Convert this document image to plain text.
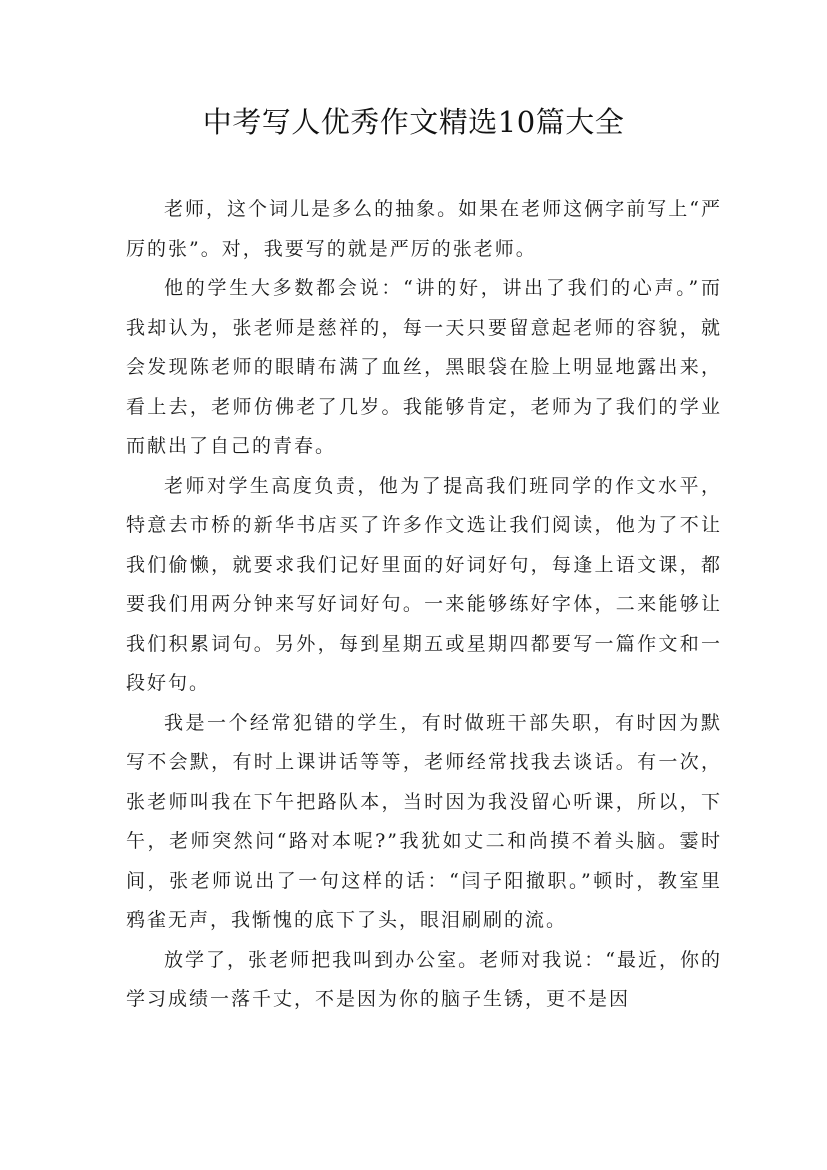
中考写人优秀作文精选10篇大全

老师，这个词儿是多么的抽象。如果在老师这俩字前写上“严厉的张”。对，我要写的就是严厉的张老师。

他的学生大多数都会说：“讲的好，讲出了我们的心声。”而我却认为，张老师是慈祥的，每一天只要留意起老师的容貌，就会发现陈老师的眼睛布满了血丝，黑眼袋在脸上明显地露出来，看上去，老师仿佛老了几岁。我能够肯定，老师为了我们的学业而献出了自己的青春。

老师对学生高度负责，他为了提高我们班同学的作文水平，特意去市桥的新华书店买了许多作文选让我们阅读，他为了不让我们偷懒，就要求我们记好里面的好词好句，每逢上语文课，都要我们用两分钟来写好词好句。一来能够练好字体，二来能够让我们积累词句。另外，每到星期五或星期四都要写一篇作文和一段好句。

我是一个经常犯错的学生，有时做班干部失职，有时因为默写不会默，有时上课讲话等等，老师经常找我去谈话。有一次，张老师叫我在下午把路队本，当时因为我没留心听课，所以，下午，老师突然问“路对本呢?”我犹如丈二和尚摸不着头脑。霎时间，张老师说出了一句这样的话：“闫子阳撤职。”顿时，教室里鸦雀无声，我惭愧的底下了头，眼泪刷刷的流。

放学了，张老师把我叫到办公室。老师对我说：“最近，你的学习成绩一落千丈，不是因为你的脑子生锈，更不是因
